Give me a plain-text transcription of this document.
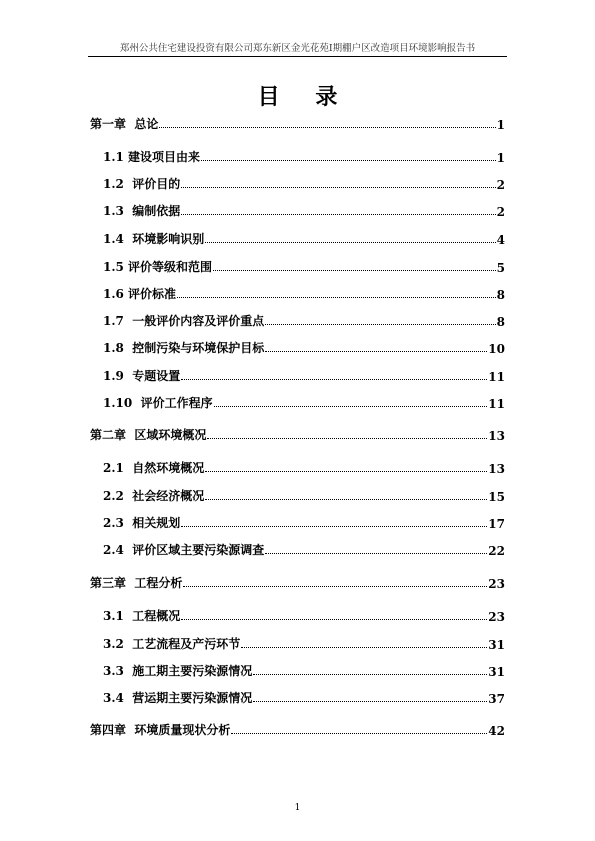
郑州公共住宅建设投资有限公司郑东新区金光花苑Ⅰ期棚户区改造项目环境影响报告书
目 录
第一章  总论	1
1.1 建设项目由来	1
1.2  评价目的	2
1.3  编制依据	2
1.4  环境影响识别	4
1.5 评价等级和范围	5
1.6 评价标准	8
1.7  一般评价内容及评价重点	8
1.8  控制污染与环境保护目标	10
1.9  专题设置	11
1.10  评价工作程序	11
第二章  区域环境概况	13
2.1  自然环境概况	13
2.2  社会经济概况	15
2.3  相关规划	17
2.4  评价区域主要污染源调查	22
第三章  工程分析	23
3.1  工程概况	23
3.2  工艺流程及产污环节	31
3.3  施工期主要污染源情况	31
3.4  营运期主要污染源情况	37
第四章  环境质量现状分析	42
1
